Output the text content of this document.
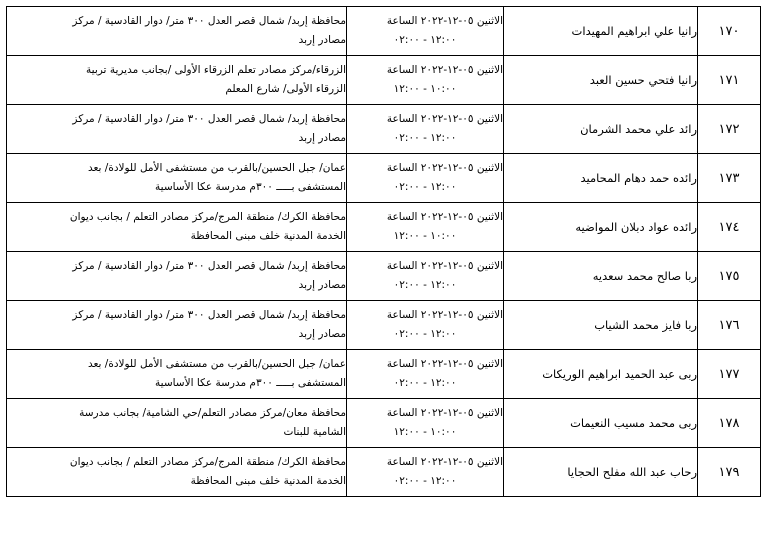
١٧٠	رانيا علي ابراهيم المهيدات	الاثنين ٠٥-١٢-٢٠٢٢ الساعة
١٢:٠٠ - ٠٢:٠٠	محافظة إربد/ شمال قصر العدل ٣٠٠ متر/ دوار القادسية / مركز
مصادر إربد

١٧١	رانيا فتحي حسين العبد	الاثنين ٠٥-١٢-٢٠٢٢ الساعة
١٠:٠٠ - ١٢:٠٠	الزرقاء/مركز مصادر تعلم الزرقاء الأولى /بجانب مديرية تربية
الزرقاء الأولى/ شارع المعلم

١٧٢	رائد علي محمد الشرمان	الاثنين ٠٥-١٢-٢٠٢٢ الساعة
١٢:٠٠ - ٠٢:٠٠	محافظة إربد/ شمال قصر العدل ٣٠٠ متر/ دوار القادسية / مركز
مصادر إربد

١٧٣	رائده حمد دهام المحاميد	الاثنين ٠٥-١٢-٢٠٢٢ الساعة
١٢:٠٠ - ٠٢:٠٠	عمان/ جبل الحسين/بالقرب من مستشفى الأمل للولادة/ بعد
المستشفى بـــــ ٣٠٠م مدرسة عكا الأساسية

١٧٤	رائده عواد دبلان المواضيه	الاثنين ٠٥-١٢-٢٠٢٢ الساعة
١٠:٠٠ - ١٢:٠٠	محافظة الكرك/ منطقة المرج/مركز مصادر التعلم / بجانب ديوان
الخدمة المدنية خلف مبنى المحافظة

١٧٥	ربا صالح محمد سعديه	الاثنين ٠٥-١٢-٢٠٢٢ الساعة
١٢:٠٠ - ٠٢:٠٠	محافظة إربد/ شمال قصر العدل ٣٠٠ متر/ دوار القادسية / مركز
مصادر إربد

١٧٦	ربا فايز محمد الشياب	الاثنين ٠٥-١٢-٢٠٢٢ الساعة
١٢:٠٠ - ٠٢:٠٠	محافظة إربد/ شمال قصر العدل ٣٠٠ متر/ دوار القادسية / مركز
مصادر إربد

١٧٧	ربى عبد الحميد ابراهيم الوريكات	الاثنين ٠٥-١٢-٢٠٢٢ الساعة
١٢:٠٠ - ٠٢:٠٠	عمان/ جبل الحسين/بالقرب من مستشفى الأمل للولادة/ بعد
المستشفى بـــــ ٣٠٠م مدرسة عكا الأساسية

١٧٨	ربى محمد مسيب النعيمات	الاثنين ٠٥-١٢-٢٠٢٢ الساعة
١٠:٠٠ - ١٢:٠٠	محافظة معان/مركز مصادر التعلم/حي الشامية/ بجانب مدرسة
الشامية للبنات

١٧٩	رحاب عبد الله مفلح الحجايا	الاثنين ٠٥-١٢-٢٠٢٢ الساعة
١٢:٠٠ - ٠٢:٠٠	محافظة الكرك/ منطقة المرج/مركز مصادر التعلم / بجانب ديوان
الخدمة المدنية خلف مبنى المحافظة
